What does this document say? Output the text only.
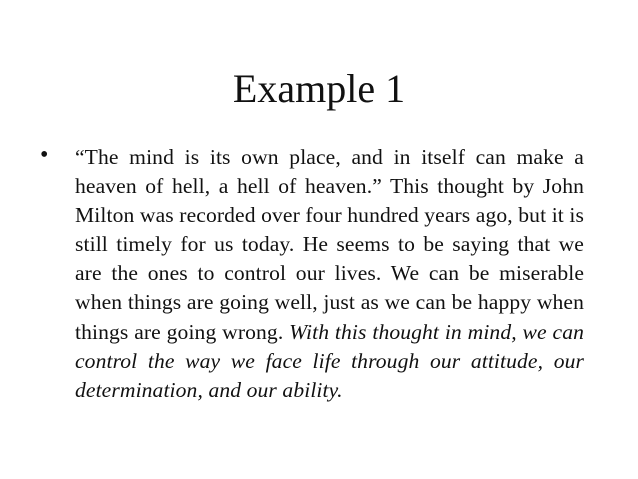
Example 1
• “The mind is its own place, and in itself can make a heaven of hell, a hell of heaven.” This thought by John Milton was recorded over four hundred years ago, but it is still timely for us today. He seems to be saying that we are the ones to control our lives. We can be miserable when things are going well, just as we can be happy when things are going wrong. With this thought in mind, we can control the way we face life through our attitude, our determination, and our ability.
